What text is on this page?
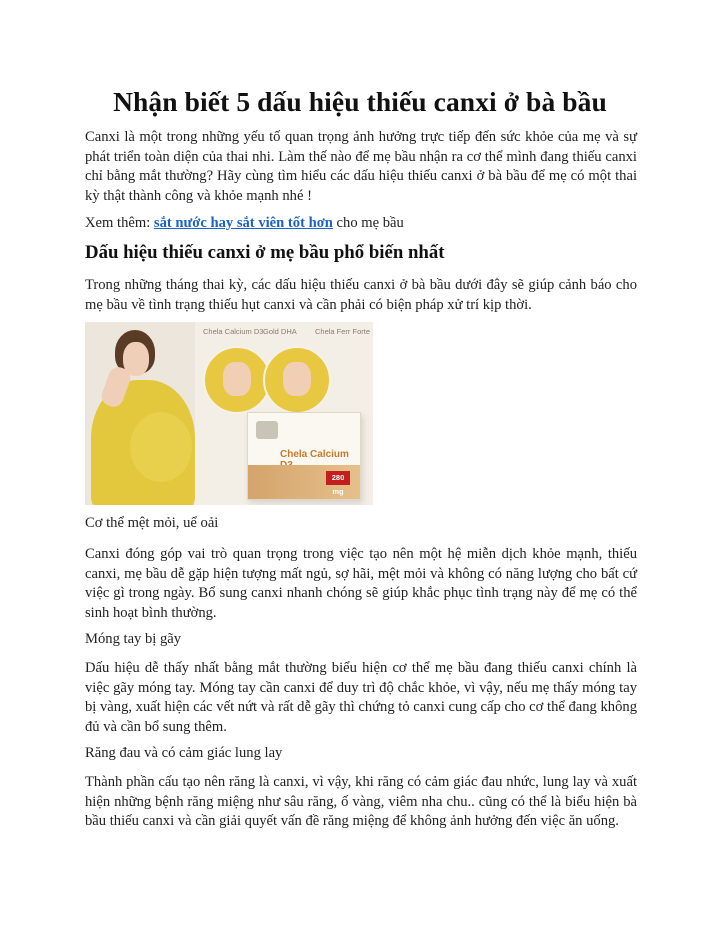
Nhận biết 5 dấu hiệu thiếu canxi ở bà bầu

Canxi là một trong những yếu tố quan trọng ảnh hưởng trực tiếp đến sức khỏe của mẹ và sự phát triển toàn diện của thai nhi. Làm thế nào để mẹ bầu nhận ra cơ thể mình đang thiếu canxi chỉ bằng mắt thường? Hãy cùng tìm hiểu các dấu hiệu thiếu canxi ở bà bầu để mẹ có một thai kỳ thật thành công và khỏe mạnh nhé !

Xem thêm: sắt nước hay sắt viên tốt hơn cho mẹ bầu

Dấu hiệu thiếu canxi ở mẹ bầu phổ biến nhất

Trong những tháng thai kỳ, các dấu hiệu thiếu canxi ở bà bầu dưới đây sẽ giúp cảnh báo cho mẹ bầu về tình trạng thiếu hụt canxi và cần phải có biện pháp xử trí kịp thời.

Chela Calcium D3 Gold DHA Chela Ferr Forte
Chela Calcium
280 mg

Cơ thể mệt mỏi, uể oải

Canxi đóng góp vai trò quan trọng trong việc tạo nên một hệ miễn dịch khỏe mạnh, thiếu canxi, mẹ bầu dễ gặp hiện tượng mất ngủ, sợ hãi, mệt mỏi và không có năng lượng cho bất cứ việc gì trong ngày. Bổ sung canxi nhanh chóng sẽ giúp khắc phục tình trạng này để mẹ có thể sinh hoạt bình thường.

Móng tay bị gãy

Dấu hiệu dễ thấy nhất bằng mắt thường biểu hiện cơ thể mẹ bầu đang thiếu canxi chính là việc gãy móng tay. Móng tay cần canxi để duy trì độ chắc khỏe, vì vậy, nếu mẹ thấy móng tay bị vàng, xuất hiện các vết nứt và rất dễ gãy thì chứng tỏ canxi cung cấp cho cơ thể đang không đủ và cần bổ sung thêm.

Răng đau và có cảm giác lung lay

Thành phần cấu tạo nên răng là canxi, vì vậy, khi răng có cảm giác đau nhức, lung lay và xuất hiện những bệnh răng miệng như sâu răng, ố vàng, viêm nha chu.. cũng có thể là biểu hiện bà bầu thiếu canxi và cần giải quyết vấn đề răng miệng để không ảnh hưởng đến việc ăn uống.
